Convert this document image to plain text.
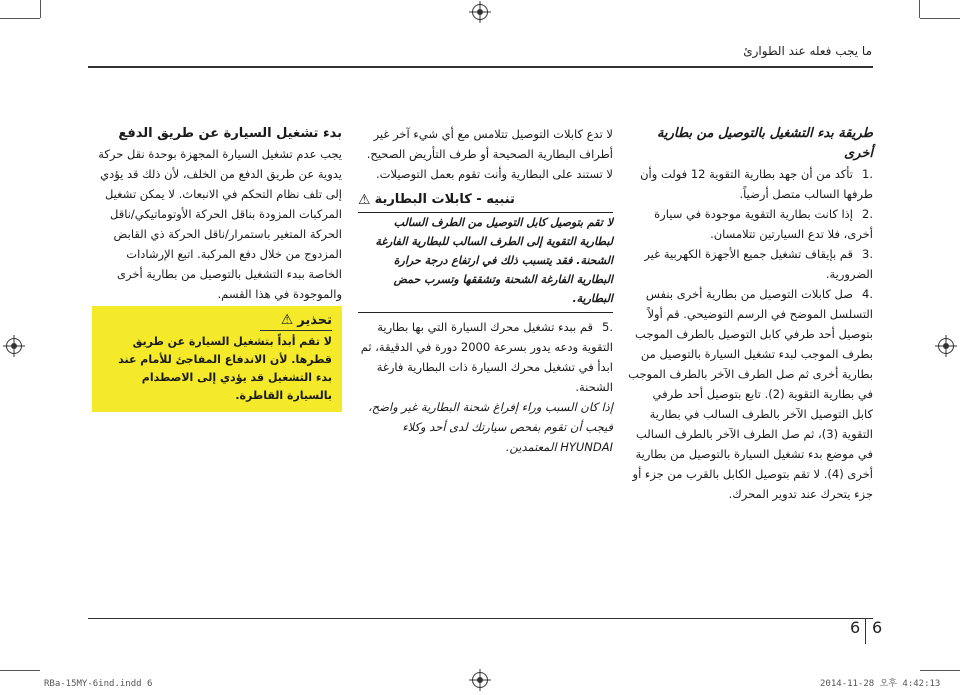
ما يجب فعله عند الطوارئ

طريقة بدء التشغيل بالتوصيل من بطارية أخرى

.1تأكد من أن جهد بطارية التقوية 12 فولت وأن طرفها السالب متصل أرضياً.
.2إذا كانت بطارية التقوية موجودة في سيارة أخرى، فلا تدع السيارتين تتلامسان.
.3قم بإيقاف تشغيل جميع الأجهزة الكهربية غير الضرورية.
.4صل كابلات التوصيل من بطارية أخرى بنفس التسلسل الموضح في الرسم التوضيحي. قم أولاً بتوصيل أحد طرفي كابل التوصيل بالطرف الموجب بطرف الموجب لبدء تشغيل السيارة بالتوصيل من بطارية أخرى ثم صل الطرف الآخر بالطرف الموجب في بطارية التقوية (2). تابع بتوصيل أحد طرفي كابل التوصيل الآخر بالطرف السالب في بطارية التقوية (3)، ثم صل الطرف الآخر بالطرف السالب في موضع بدء تشغيل السيارة بالتوصيل من بطارية أخرى (4). لا تقم بتوصيل الكابل بالقرب من جزء أو جزء يتحرك عند تدوير المحرك.

لا تدع كابلات التوصيل تتلامس مع أي شيء آخر غير أطراف البطارية الصحيحة أو طرف التأريض الصحيح. لا تستند على البطارية وأنت تقوم بعمل التوصيلات.

تنبيه - كابلات البطارية
⚠

لا تقم بتوصيل كابل التوصيل من الطرف السالب لبطارية التقوية إلى الطرف السالب للبطارية الفارغة الشحنة. فقد يتسبب ذلك في ارتفاع درجة حرارة البطارية الفارغة الشحنة وتشققها وتسرب حمض البطارية.

.5قم ببدء تشغيل محرك السيارة التي بها بطارية التقوية ودعه يدور بسرعة 2000 دورة في الدقيقة، ثم ابدأ في تشغيل محرك السيارة ذات البطارية فارغة الشحنة.

إذا كان السبب وراء إفراغ شحنة البطارية غير واضح، فيجب أن تقوم بفحص سيارتك لدى أحد وكلاء HYUNDAI المعتمدين.

بدء تشغيل السيارة عن طريق الدفع

يجب عدم تشغيل السيارة المجهزة بوحدة نقل حركة يدوية عن طريق الدفع من الخلف، لأن ذلك قد يؤدي إلى تلف نظام التحكم في الانبعاث. لا يمكن تشغيل المركبات المزودة بناقل الحركة الأوتوماتيكي/ناقل الحركة المتغير باستمرار/ناقل الحركة ذي القابض المزدوج من خلال دفع المركبة. اتبع الإرشادات الخاصة ببدء التشغيل بالتوصيل من بطارية أخرى والموجودة في هذا القسم.

تحذير
⚠

لا تقم أبداً بتشغيل السيارة عن طريق قطرها. لأن الاندفاع المفاجئ للأمام عند بدء التشغيل قد يؤدي إلى الاصطدام بالسيارة القاطرة.

6
6
RBa-15MY-6ind.indd 6	2014-11-28 오후 4:42:13
